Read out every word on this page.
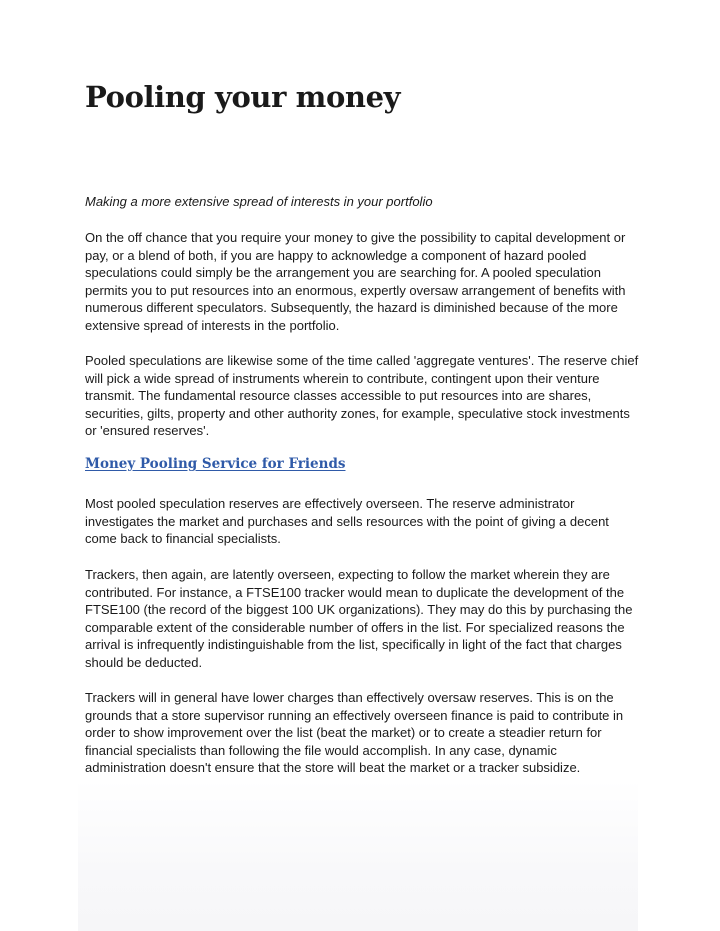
Pooling your money

Making a more extensive spread of interests in your portfolio

On the off chance that you require your money to give the possibility to capital development or
pay, or a blend of both, if you are happy to acknowledge a component of hazard pooled
speculations could simply be the arrangement you are searching for. A pooled speculation
permits you to put resources into an enormous, expertly oversaw arrangement of benefits with
numerous different speculators. Subsequently, the hazard is diminished because of the more
extensive spread of interests in the portfolio.

Pooled speculations are likewise some of the time called 'aggregate ventures'. The reserve chief
will pick a wide spread of instruments wherein to contribute, contingent upon their venture
transmit. The fundamental resource classes accessible to put resources into are shares,
securities, gilts, property and other authority zones, for example, speculative stock investments
or 'ensured reserves'.

Money Pooling Service for Friends

Most pooled speculation reserves are effectively overseen. The reserve administrator
investigates the market and purchases and sells resources with the point of giving a decent
come back to financial specialists.

Trackers, then again, are latently overseen, expecting to follow the market wherein they are
contributed. For instance, a FTSE100 tracker would mean to duplicate the development of the
FTSE100 (the record of the biggest 100 UK organizations). They may do this by purchasing the
comparable extent of the considerable number of offers in the list. For specialized reasons the
arrival is infrequently indistinguishable from the list, specifically in light of the fact that charges
should be deducted.

Trackers will in general have lower charges than effectively oversaw reserves. This is on the
grounds that a store supervisor running an effectively overseen finance is paid to contribute in
order to show improvement over the list (beat the market) or to create a steadier return for
financial specialists than following the file would accomplish. In any case, dynamic
administration doesn't ensure that the store will beat the market or a tracker subsidize.
